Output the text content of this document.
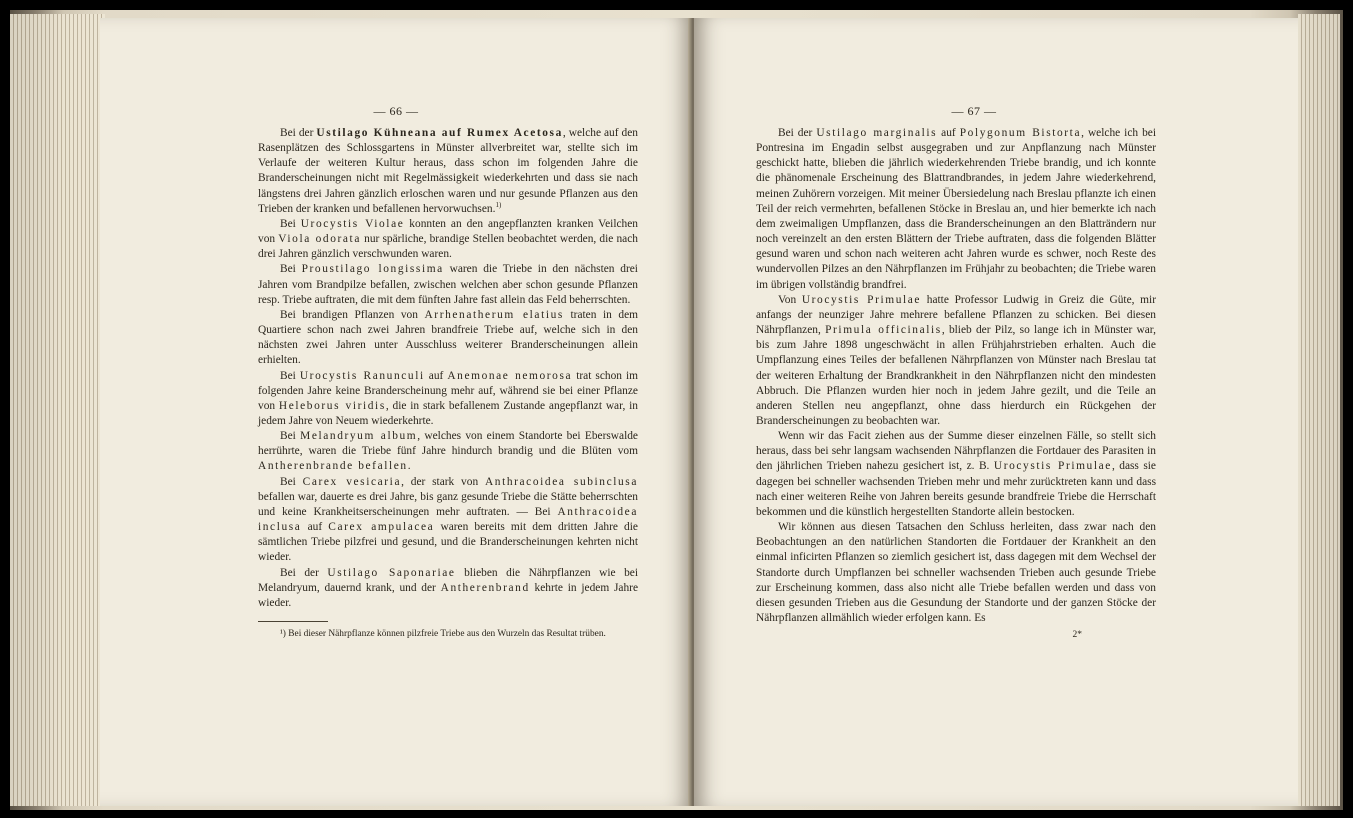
— 66 —

Bei der Ustilago Kühneana auf Rumex Acetosa, welche auf den Rasenplätzen des Schlossgartens in Münster allverbreitet war, stellte sich im Verlaufe der weiteren Kultur heraus, dass schon im folgenden Jahre die Branderscheinungen nicht mit Regelmässigkeit wiederkehrten und dass sie nach längstens drei Jahren gänzlich erloschen waren und nur gesunde Pflanzen aus den Trieben der kranken und befallenen hervorwuchsen.$^{1)}$

Bei Urocystis Violae konnten an den angepflanzten kranken Veilchen von Viola odorata nur spärliche, brandige Stellen beobachtet werden, die nach drei Jahren gänzlich verschwunden waren.

Bei Proustilago longissima waren die Triebe in den nächsten drei Jahren vom Brandpilze befallen, zwischen welchen aber schon gesunde Pflanzen resp. Triebe auftraten, die mit dem fünften Jahre fast allein das Feld beherrschten.

Bei brandigen Pflanzen von Arrhenatherum elatius traten in dem Quartiere schon nach zwei Jahren brandfreie Triebe auf, welche sich in den nächsten zwei Jahren unter Ausschluss weiterer Branderscheinungen allein erhielten.

Bei Urocystis Ranunculi auf Anemonae nemorosa trat schon im folgenden Jahre keine Branderscheinung mehr auf, während sie bei einer Pflanze von Heleborus viridis, die in stark befallenem Zustande angepflanzt war, in jedem Jahre von Neuem wiederkehrte.

Bei Melandryum album, welches von einem Standorte bei Eberswalde herrührte, waren die Triebe fünf Jahre hindurch brandig und die Blüten vom Antherenbrande befallen.

Bei Carex vesicaria, der stark von Anthracoidea subinclusa befallen war, dauerte es drei Jahre, bis ganz gesunde Triebe die Stätte beherrschten und keine Krankheitserscheinungen mehr auftraten. — Bei Anthracoidea inclusa auf Carex ampulacea waren bereits mit dem dritten Jahre die sämtlichen Triebe pilzfrei und gesund, und die Branderscheinungen kehrten nicht wieder.

Bei der Ustilago Saponariae blieben die Nährpflanzen wie bei Melandryum, dauernd krank, und der Antherenbrand kehrte in jedem Jahre wieder.

¹) Bei dieser Nährpflanze können pilzfreie Triebe aus den Wurzeln das Resultat trüben.

— 67 —

Bei der Ustilago marginalis auf Polygonum Bistorta, welche ich bei Pontresina im Engadin selbst ausgegraben und zur Anpflanzung nach Münster geschickt hatte, blieben die jährlich wiederkehrenden Triebe brandig, und ich konnte die phänomenale Erscheinung des Blattrandbrandes, in jedem Jahre wiederkehrend, meinen Zuhörern vorzeigen. Mit meiner Übersiedelung nach Breslau pflanzte ich einen Teil der reich vermehrten, befallenen Stöcke in Breslau an, und hier bemerkte ich nach dem zweimaligen Umpflanzen, dass die Branderscheinungen an den Blatträndern nur noch vereinzelt an den ersten Blättern der Triebe auftraten, dass die folgenden Blätter gesund waren und schon nach weiteren acht Jahren wurde es schwer, noch Reste des wundervollen Pilzes an den Nährpflanzen im Frühjahr zu beobachten; die Triebe waren im übrigen vollständig brandfrei.

Von Urocystis Primulae hatte Professor Ludwig in Greiz die Güte, mir anfangs der neunziger Jahre mehrere befallene Pflanzen zu schicken. Bei diesen Nährpflanzen, Primula officinalis, blieb der Pilz, so lange ich in Münster war, bis zum Jahre 1898 ungeschwächt in allen Frühjahrstrieben erhalten. Auch die Umpflanzung eines Teiles der befallenen Nährpflanzen von Münster nach Breslau tat der weiteren Erhaltung der Brandkrankheit in den Nährpflanzen nicht den mindesten Abbruch. Die Pflanzen wurden hier noch in jedem Jahre gezilt, und die Teile an anderen Stellen neu angepflanzt, ohne dass hierdurch ein Rückgehen der Branderscheinungen zu beobachten war.

Wenn wir das Facit ziehen aus der Summe dieser einzelnen Fälle, so stellt sich heraus, dass bei sehr langsam wachsenden Nährpflanzen die Fortdauer des Parasiten in den jährlichen Trieben nahezu gesichert ist, z. B. Urocystis Primulae, dass sie dagegen bei schneller wachsenden Trieben mehr und mehr zurücktreten kann und dass nach einer weiteren Reihe von Jahren bereits gesunde brandfreie Triebe die Herrschaft bekommen und die künstlich hergestellten Standorte allein bestocken.

Wir können aus diesen Tatsachen den Schluss herleiten, dass zwar nach den Beobachtungen an den natürlichen Standorten die Fortdauer der Krankheit an den einmal inficirten Pflanzen so ziemlich gesichert ist, dass dagegen mit dem Wechsel der Standorte durch Umpflanzen bei schneller wachsenden Trieben auch gesunde Triebe zur Erscheinung kommen, dass also nicht alle Triebe befallen werden und dass von diesen gesunden Trieben aus die Gesundung der Standorte und der ganzen Stöcke der Nährpflanzen allmählich wieder erfolgen kann. Es

2*
